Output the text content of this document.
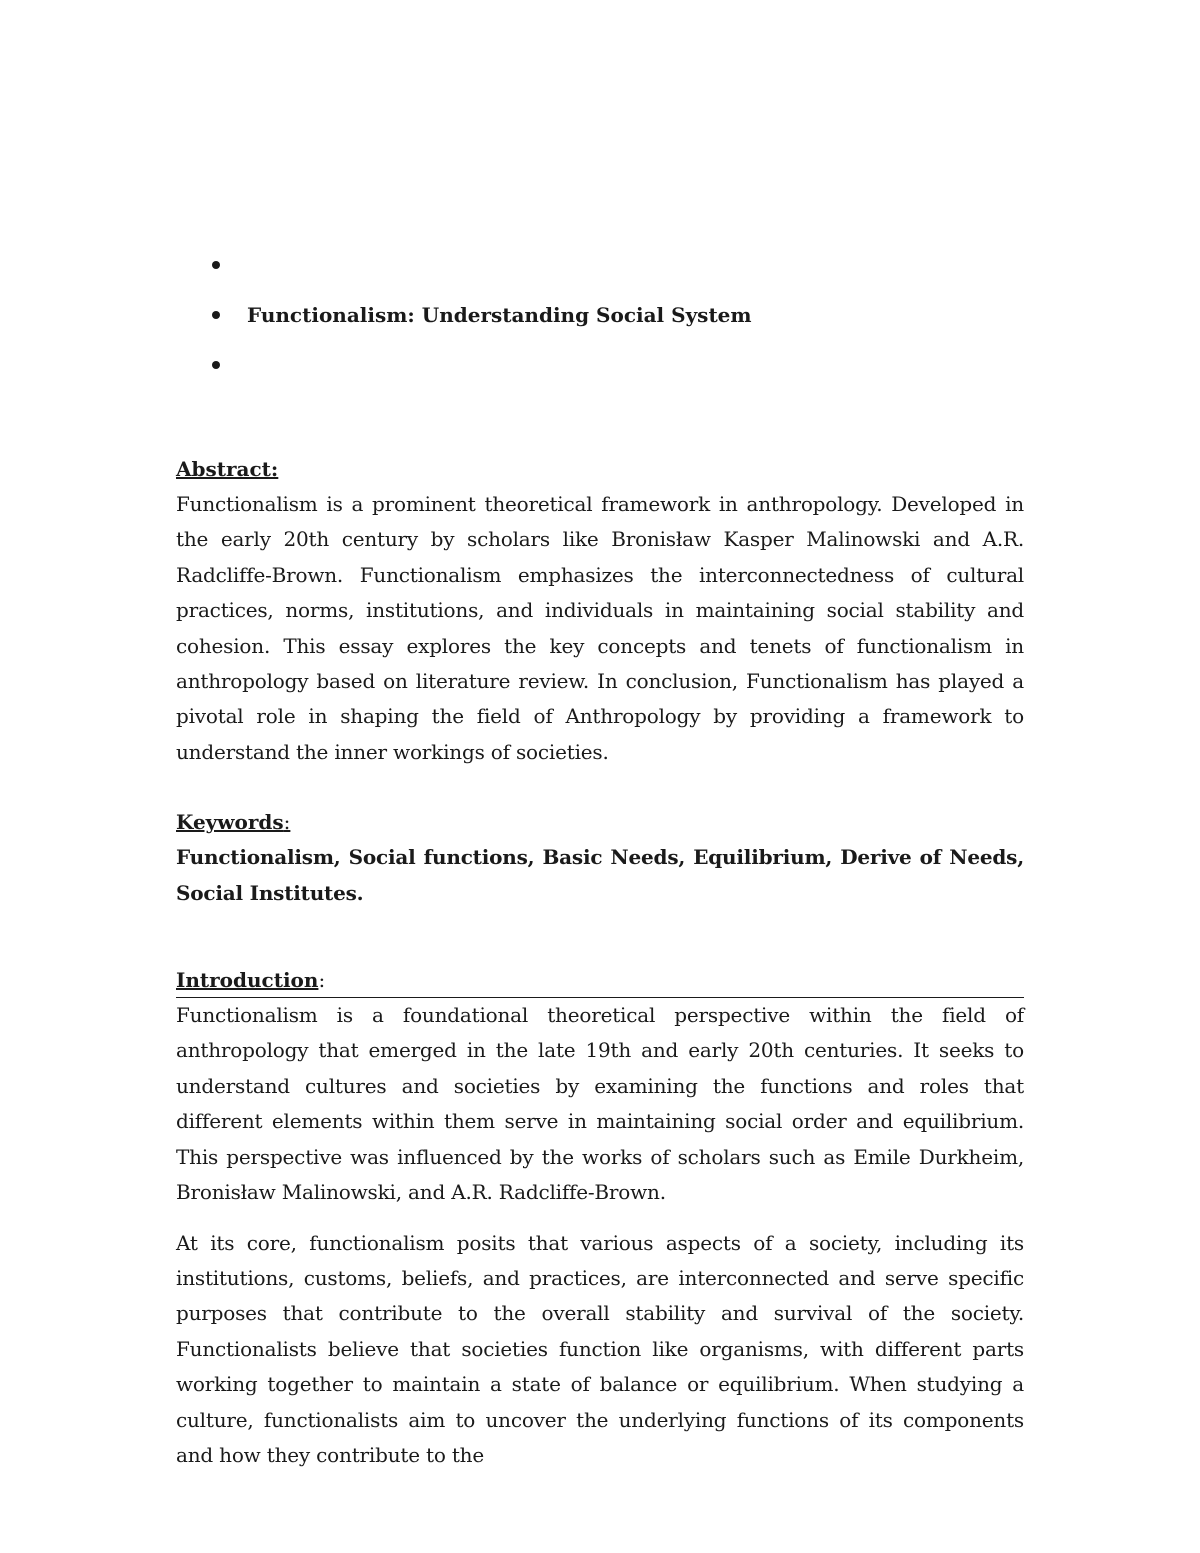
Functionalism: Understanding Social System

Abstract:

Functionalism is a prominent theoretical framework in anthropology. Developed in the early 20th century by scholars like Bronisław Kasper Malinowski and A.R. Radcliffe-Brown. Functionalism emphasizes the interconnectedness of cultural practices, norms, institutions, and individuals in maintaining social stability and cohesion. This essay explores the key concepts and tenets of functionalism in anthropology based on literature review. In conclusion, Functionalism has played a pivotal role in shaping the field of Anthropology by providing a framework to understand the inner workings of societies.

Keywords:

Functionalism, Social functions, Basic Needs, Equilibrium, Derive of Needs, Social Institutes.

Introduction:

Functionalism is a foundational theoretical perspective within the field of anthropology that emerged in the late 19th and early 20th centuries. It seeks to understand cultures and societies by examining the functions and roles that different elements within them serve in maintaining social order and equilibrium. This perspective was influenced by the works of scholars such as Emile Durkheim, Bronisław Malinowski, and A.R. Radcliffe-Brown.

At its core, functionalism posits that various aspects of a society, including its institutions, customs, beliefs, and practices, are interconnected and serve specific purposes that contribute to the overall stability and survival of the society. Functionalists believe that societies function like organisms, with different parts working together to maintain a state of balance or equilibrium. When studying a culture, functionalists aim to uncover the underlying functions of its components and how they contribute to the
